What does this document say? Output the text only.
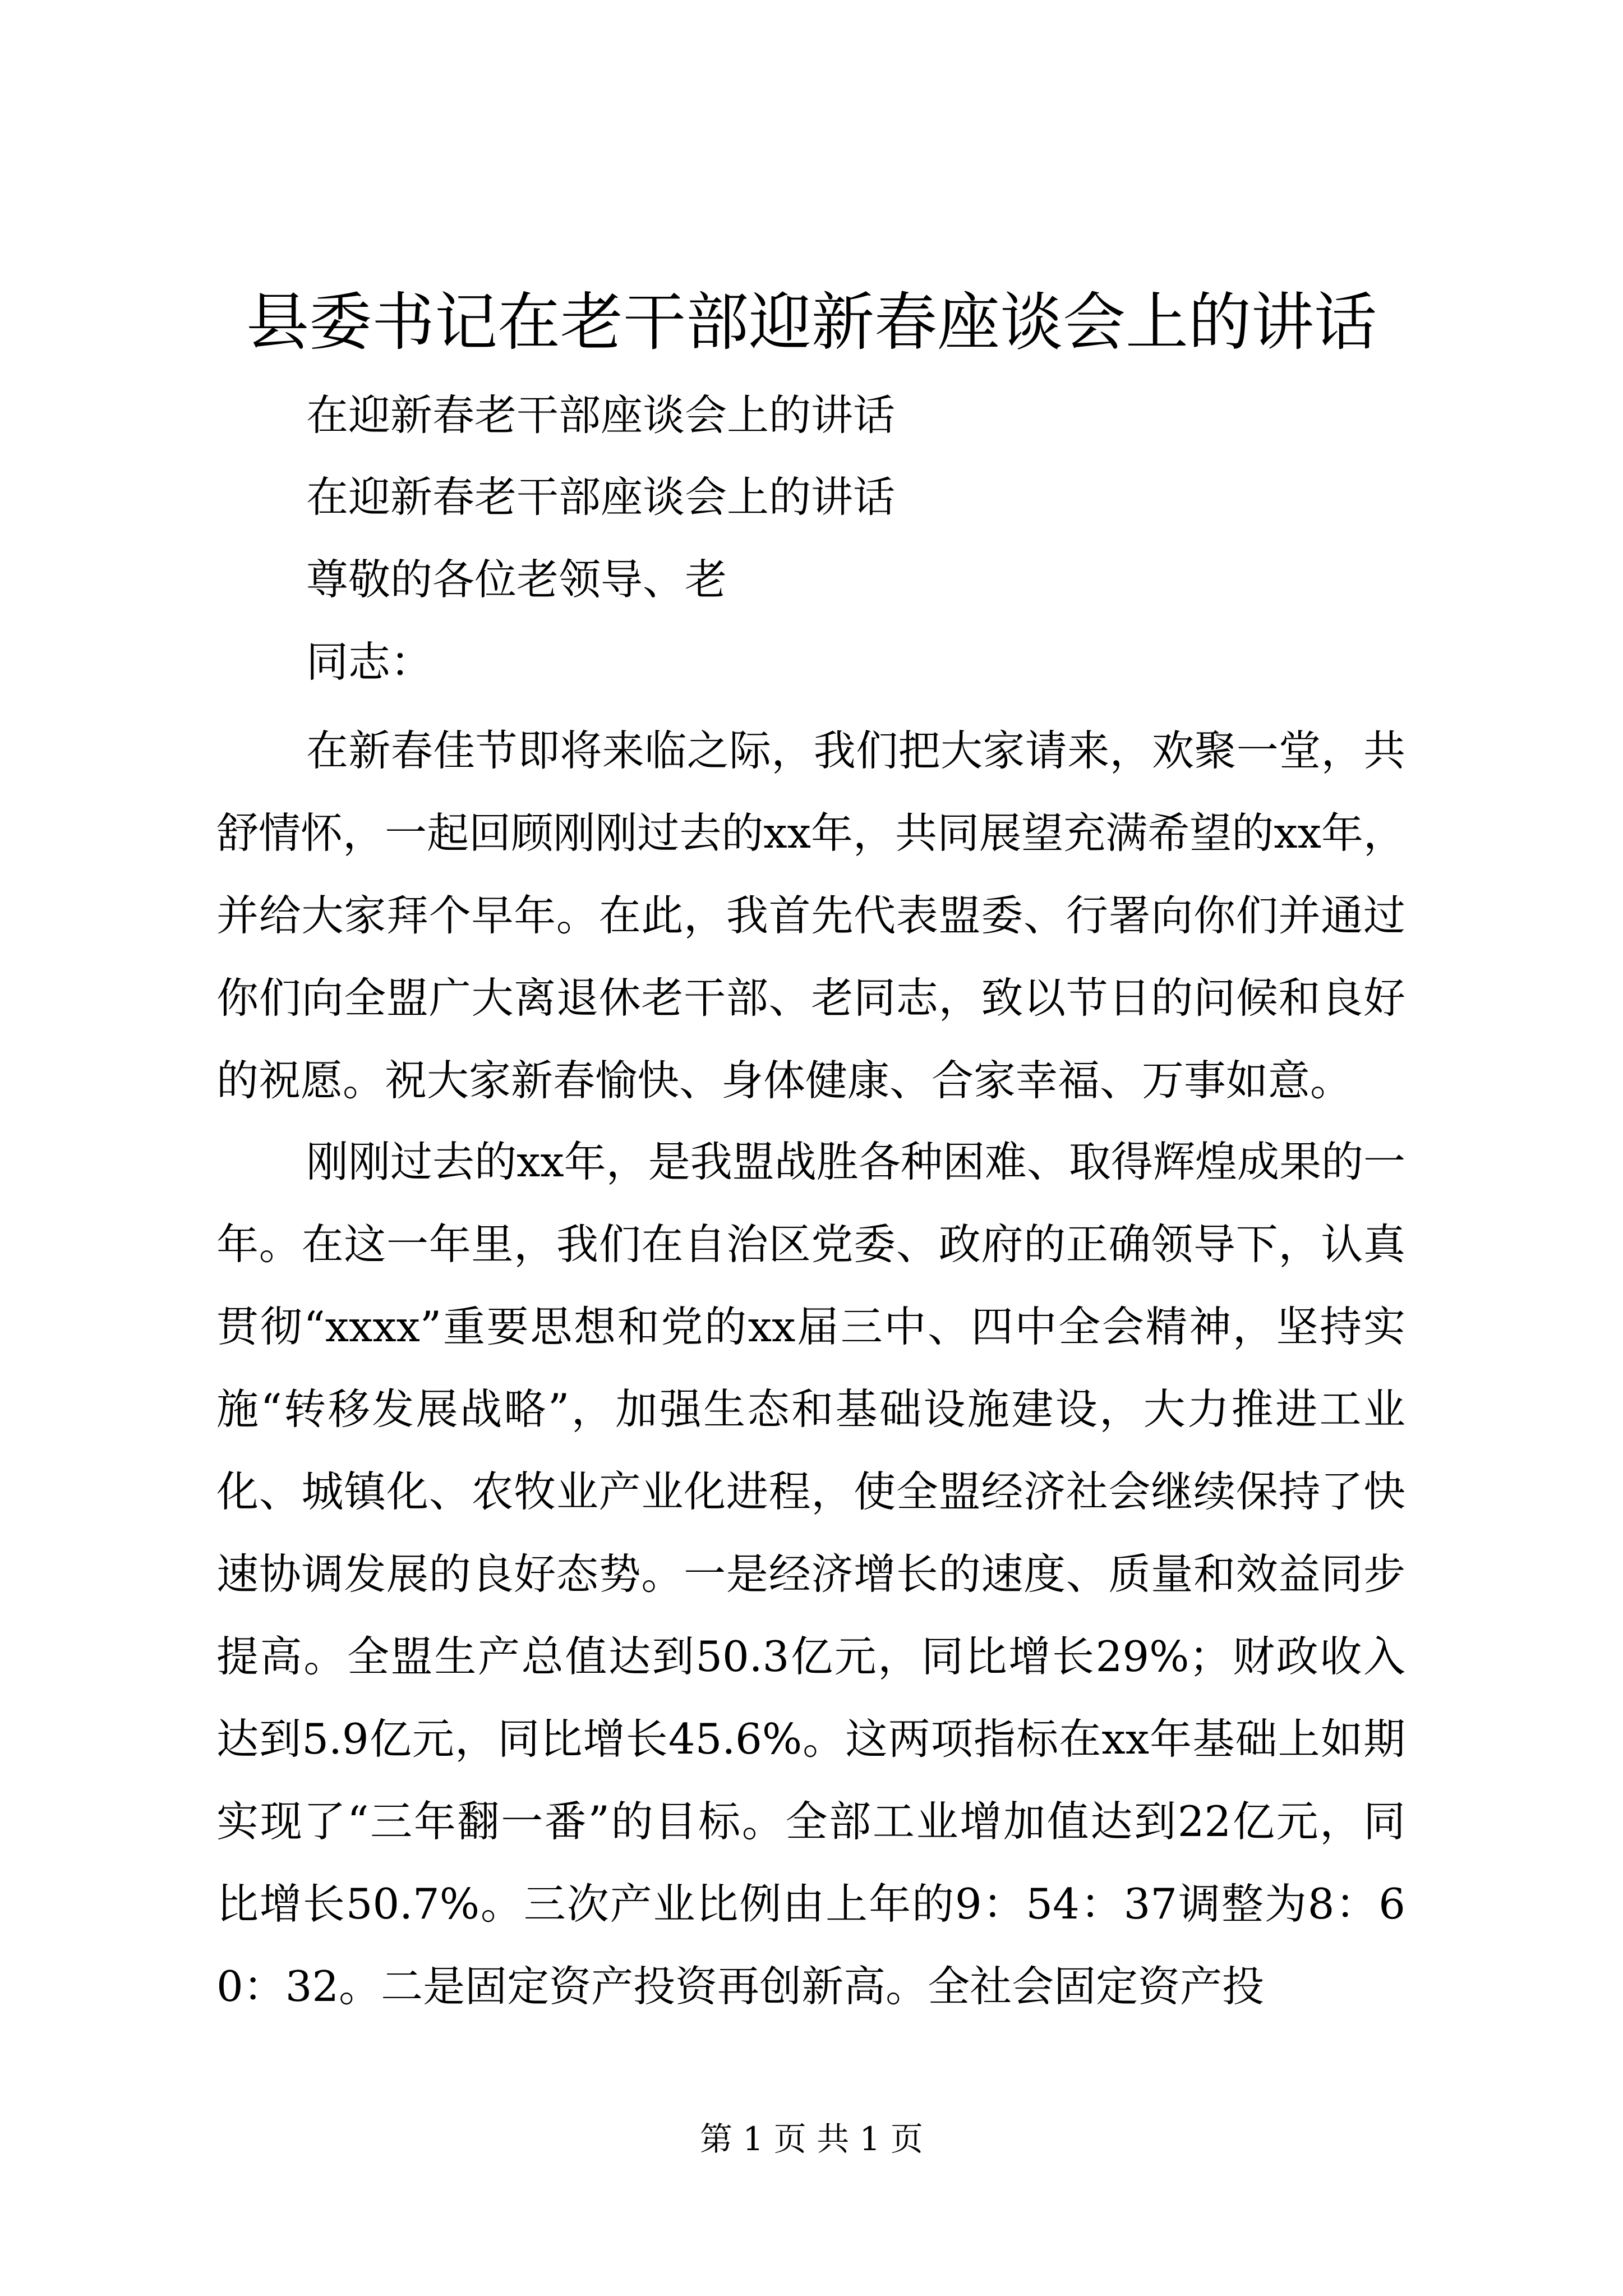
县委书记在老干部迎新春座谈会上的讲话

在迎新春老干部座谈会上的讲话

在迎新春老干部座谈会上的讲话

尊敬的各位老领导、老

同志：

在新春佳节即将来临之际，我们把大家请来，欢聚一堂，共舒情怀，一起回顾刚刚过去的xx年，共同展望充满希望的xx年，并给大家拜个早年。在此，我首先代表盟委、行署向你们并通过你们向全盟广大离退休老干部、老同志，致以节日的问候和良好的祝愿。祝大家新春愉快、身体健康、合家幸福、万事如意。

刚刚过去的xx年，是我盟战胜各种困难、取得辉煌成果的一年。在这一年里，我们在自治区党委、政府的正确领导下，认真贯彻“xxxx”重要思想和党的xx届三中、四中全会精神，坚持实施“转移发展战略”，加强生态和基础设施建设，大力推进工业化、城镇化、农牧业产业化进程，使全盟经济社会继续保持了快速协调发展的良好态势。一是经济增长的速度、质量和效益同步提高。全盟生产总值达到50.3亿元，同比增长29%；财政收入达到5.9亿元，同比增长45.6%。这两项指标在xx年基础上如期实现了“三年翻一番”的目标。全部工业增加值达到22亿元，同比增长50.7%。三次产业比例由上年的9：54：37调整为8：60：32。二是固定资产投资再创新高。全社会固定资产投

第 1 页 共 1 页
